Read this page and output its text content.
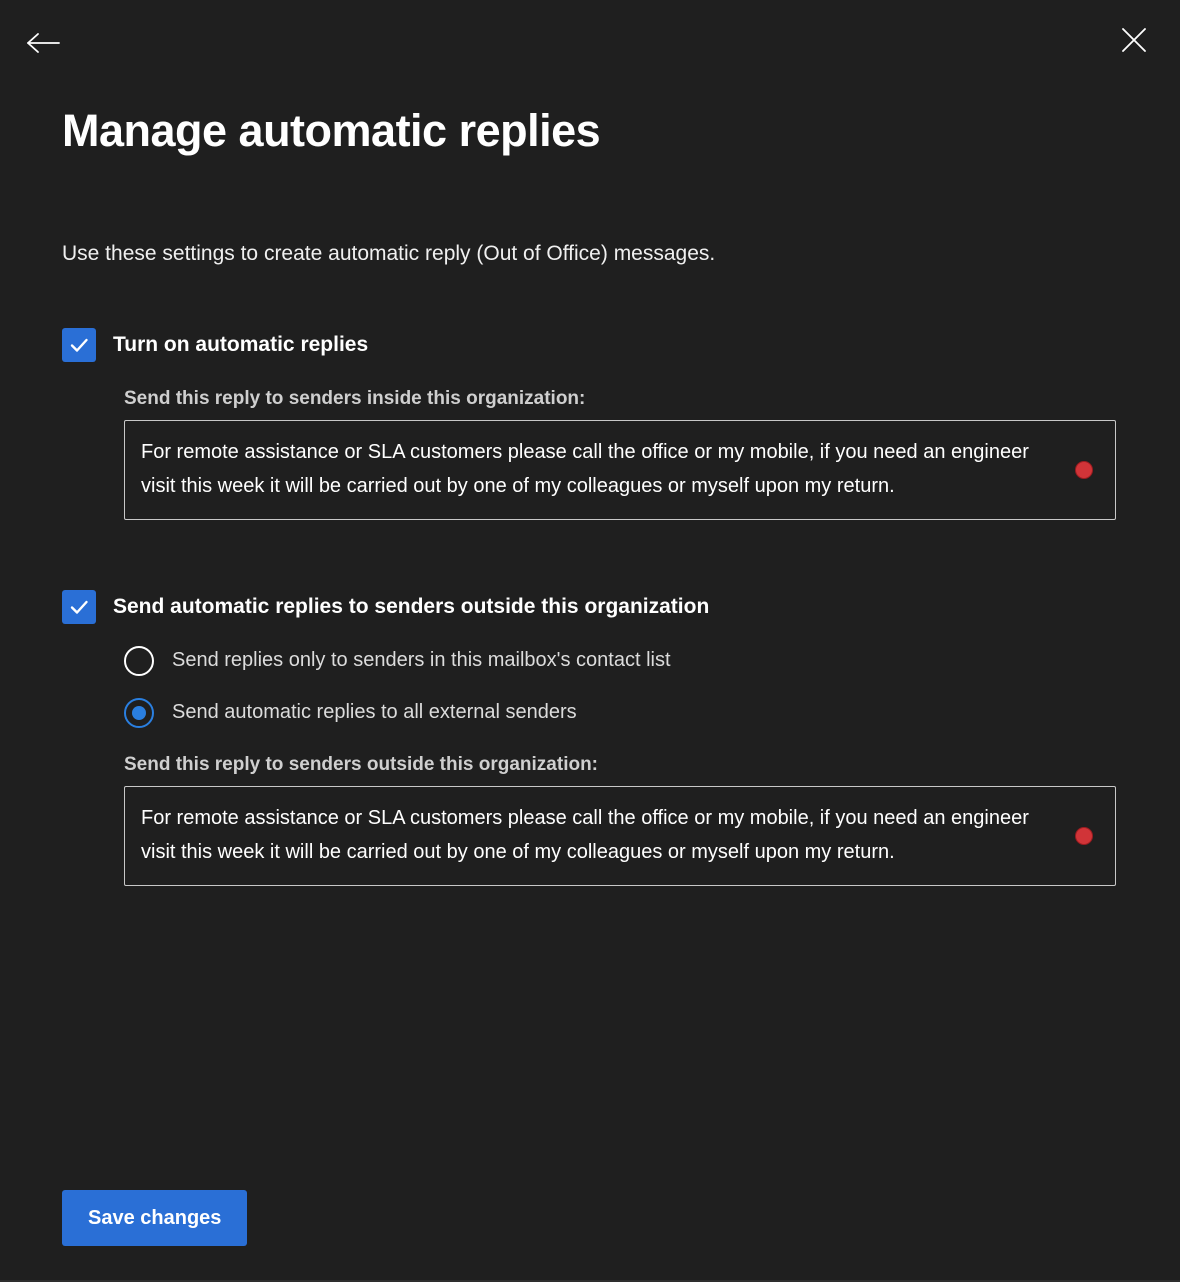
Manage automatic replies
Use these settings to create automatic reply (Out of Office) messages.
Turn on automatic replies
Send this reply to senders inside this organization:
For remote assistance or SLA customers please call the office or my mobile, if you need an engineer visit this week it will be carried out by one of my colleagues or myself upon my return.
Send automatic replies to senders outside this organization
Send replies only to senders in this mailbox's contact list
Send automatic replies to all external senders
Send this reply to senders outside this organization:
For remote assistance or SLA customers please call the office or my mobile, if you need an engineer visit this week it will be carried out by one of my colleagues or myself upon my return.
Save changes
